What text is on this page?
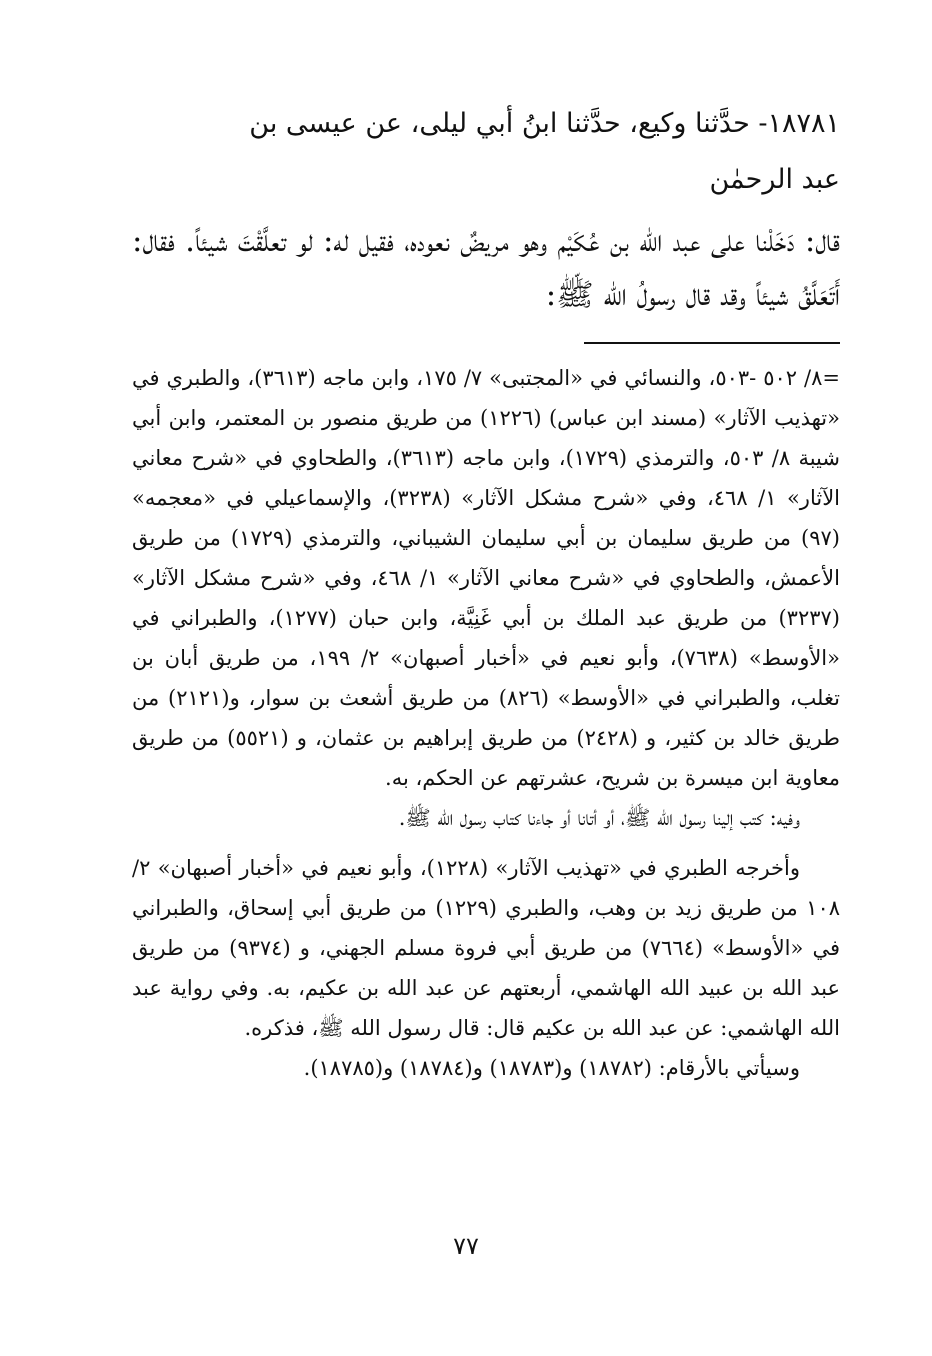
١٨٧٨١- حدَّثنا وكيع، حدَّثنا ابنُ أبي ليلى، عن عيسى بن
عبد الرحمٰن

قال: دَخَلْنا على عبد الله بن عُكَيْم وهو مريضٌ نعوده، فقيل له: لو تعلَّقْتَ شيئاً. فقال: أَتَعَلَّقُ شيئاً وقد قال رسولُ الله ﷺ:

=٨/ ٥٠٢ -٥٠٣، والنسائي في «المجتبى» ٧/ ١٧٥، وابن ماجه (٣٦١٣)، والطبري في «تهذيب الآثار» (مسند ابن عباس) (١٢٢٦) من طريق منصور بن المعتمر، وابن أبي شيبة ٨/ ٥٠٣، والترمذي (١٧٢٩)، وابن ماجه (٣٦١٣)، والطحاوي في «شرح معاني الآثار» ١/ ٤٦٨، وفي «شرح مشكل الآثار» (٣٢٣٨)، والإسماعيلي في «معجمه» (٩٧) من طريق سليمان بن أبي سليمان الشيباني، والترمذي (١٧٢٩) من طريق الأعمش، والطحاوي في «شرح معاني الآثار» ١/ ٤٦٨، وفي «شرح مشكل الآثار» (٣٢٣٧) من طريق عبد الملك بن أبي غَنِيَّة، وابن حبان (١٢٧٧)، والطبراني في «الأوسط» (٧٦٣٨)، وأبو نعيم في «أخبار أصبهان» ٢/ ١٩٩، من طريق أبان بن تغلب، والطبراني في «الأوسط» (٨٢٦) من طريق أشعث بن سوار، و(٢١٢١) من طريق خالد بن كثير، و (٢٤٢٨) من طريق إبراهيم بن عثمان، و (٥٥٢١) من طريق معاوية ابن ميسرة بن شريح، عشرتهم عن الحكم، به.

وفيه: كتب إلينا رسول الله ﷺ، أو أتانا أو جاءنا كتاب رسول الله ﷺ.

وأخرجه الطبري في «تهذيب الآثار» (١٢٢٨)، وأبو نعيم في «أخبار أصبهان» ٢/ ١٠٨ من طريق زيد بن وهب، والطبري (١٢٢٩) من طريق أبي إسحاق، والطبراني في «الأوسط» (٧٦٦٤) من طريق أبي فروة مسلم الجهني، و (٩٣٧٤) من طريق عبد الله بن عبيد الله الهاشمي، أربعتهم عن عبد الله بن عكيم، به. وفي رواية عبد الله الهاشمي: عن عبد الله بن عكيم قال: قال رسول الله ﷺ، فذكره.

وسيأتي بالأرقام: (١٨٧٨٢) و(١٨٧٨٣) و(١٨٧٨٤) و(١٨٧٨٥).

٧٧
